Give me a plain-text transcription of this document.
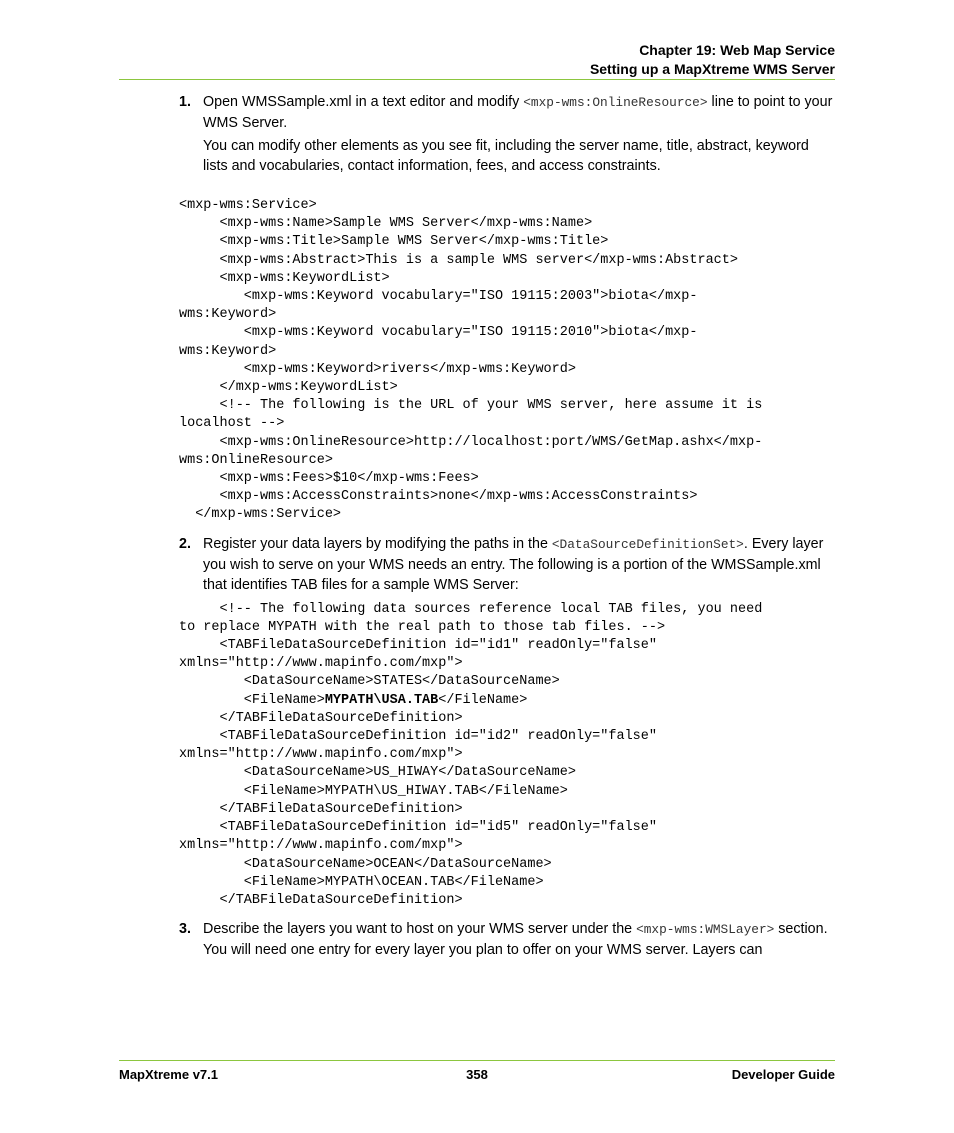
Chapter 19: Web Map Service
Setting up a MapXtreme WMS Server
1. Open WMSSample.xml in a text editor and modify <mxp-wms:OnlineResource> line to point to your WMS Server.

You can modify other elements as you see fit, including the server name, title, abstract, keyword lists and vocabularies, contact information, fees, and access constraints.

<mxp-wms:Service>
<mxp-wms:Name>Sample WMS Server</mxp-wms:Name>
<mxp-wms:Title>Sample WMS Server</mxp-wms:Title>
<mxp-wms:Abstract>This is a sample WMS server</mxp-wms:Abstract>
<mxp-wms:KeywordList>
<mxp-wms:Keyword vocabulary="ISO 19115:2003">biota</mxp-
wms:Keyword>
<mxp-wms:Keyword vocabulary="ISO 19115:2010">biota</mxp-
wms:Keyword>
<mxp-wms:Keyword>rivers</mxp-wms:Keyword>
</mxp-wms:KeywordList>
<!-- The following is the URL of your WMS server, here assume it is
localhost -->
<mxp-wms:OnlineResource>http://localhost:port/WMS/GetMap.ashx</mxp-
wms:OnlineResource>
<mxp-wms:Fees>$10</mxp-wms:Fees>
<mxp-wms:AccessConstraints>none</mxp-wms:AccessConstraints>
</mxp-wms:Service>
2. Register your data layers by modifying the paths in the <DataSourceDefinitionSet>. Every layer you wish to serve on your WMS needs an entry. The following is a portion of the WMSSample.xml that identifies TAB files for a sample WMS Server:

<!-- The following data sources reference local TAB files, you need
to replace MYPATH with the real path to those tab files. -->
<TABFileDataSourceDefinition id="id1" readOnly="false"
xmlns="http://www.mapinfo.com/mxp">
<DataSourceName>STATES</DataSourceName>
<FileName>MYPATH\USA.TAB</FileName>
</TABFileDataSourceDefinition>
<TABFileDataSourceDefinition id="id2" readOnly="false"
xmlns="http://www.mapinfo.com/mxp">
<DataSourceName>US_HIWAY</DataSourceName>
<FileName>MYPATH\US_HIWAY.TAB</FileName>
</TABFileDataSourceDefinition>
<TABFileDataSourceDefinition id="id5" readOnly="false"
xmlns="http://www.mapinfo.com/mxp">
<DataSourceName>OCEAN</DataSourceName>
<FileName>MYPATH\OCEAN.TAB</FileName>
</TABFileDataSourceDefinition>
3. Describe the layers you want to host on your WMS server under the <mxp-wms:WMSLayer> section. You will need one entry for every layer you plan to offer on your WMS server. Layers can

MapXtreme v7.1	358	Developer Guide
